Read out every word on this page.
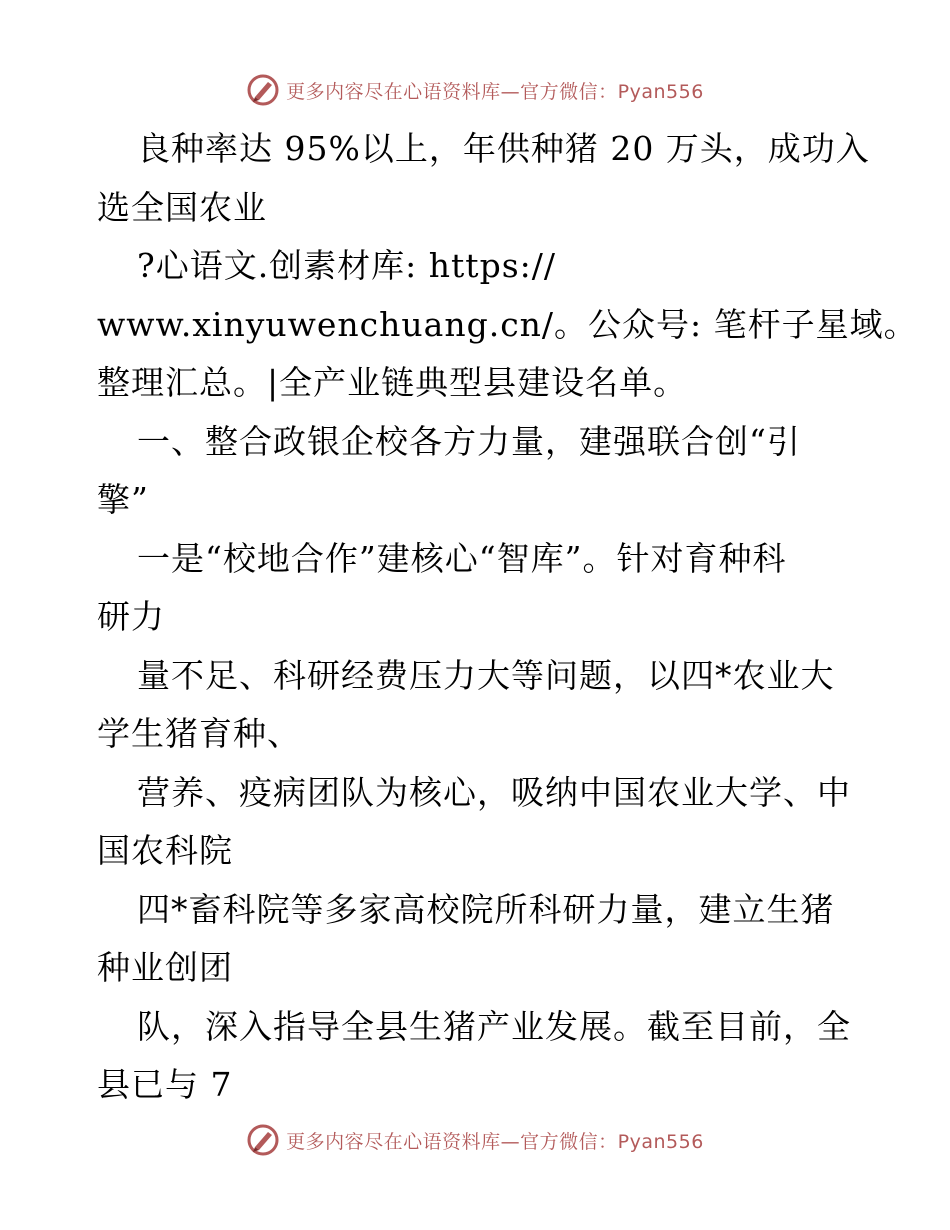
更多内容尽在心语资料库—官方微信：Pyan556
良种率达 95%以上，年供种猪 20 万头，成功入
选全国农业
?心语文.创素材库: https://
www.xinyuwenchuang.cn/。公众号: 笔杆子星域。
整理汇总。|全产业链典型县建设名单。
一、整合政银企校各方力量，建强联合创“引
擎”
一是“校地合作”建核心“智库”。针对育种科
研力
量不足、科研经费压力大等问题，以四*农业大
学生猪育种、
营养、疫病团队为核心，吸纳中国农业大学、中
国农科院
四*畜科院等多家高校院所科研力量，建立生猪
种业创团
队，深入指导全县生猪产业发展。截至目前，全
县已与 7
更多内容尽在心语资料库—官方微信：Pyan556
